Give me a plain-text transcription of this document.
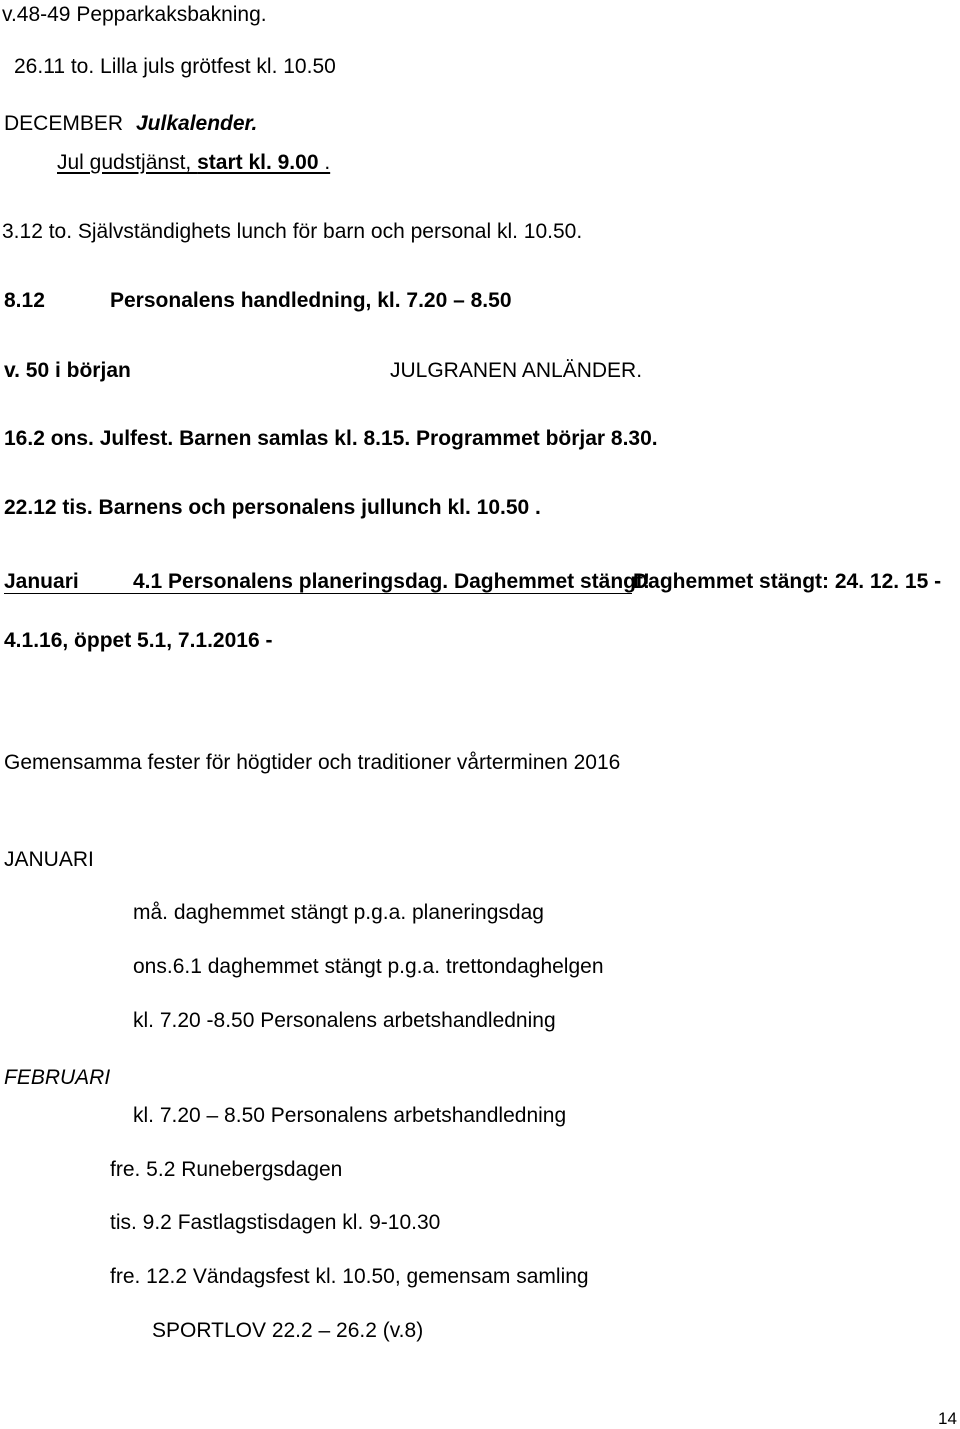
v.48-49 Pepparkaksbakning.
26.11 to. Lilla juls grötfest kl. 10.50
DECEMBER Julkalender.
Jul gudstjänst, start kl. 9.00 .
3.12 to. Självständighets lunch för barn och personal kl. 10.50.
8.12	Personalens handledning, kl. 7.20 – 8.50
v. 50 i början	JULGRANEN ANLÄNDER.
16.2 ons. Julfest. Barnen samlas kl. 8.15. Programmet börjar 8.30.
22.12 tis. Barnens och personalens jullunch kl. 10.50 .
Januari	4.1 Personalens planeringsdag. Daghemmet stängt!
Daghemmet stängt: 24. 12. 15 -
4.1.16, öppet 5.1, 7.1.2016 -
Gemensamma fester för högtider och traditioner vårterminen 2016
JANUARI
må. daghemmet stängt p.g.a. planeringsdag
ons.6.1 daghemmet stängt p.g.a. trettondaghelgen
kl. 7.20 -8.50 Personalens arbetshandledning
FEBRUARI
kl. 7.20 – 8.50 Personalens arbetshandledning
fre. 5.2 Runebergsdagen
tis. 9.2 Fastlagstisdagen kl. 9-10.30
fre. 12.2 Vändagsfest kl. 10.50, gemensam samling
SPORTLOV 22.2 – 26.2 (v.8)
14
